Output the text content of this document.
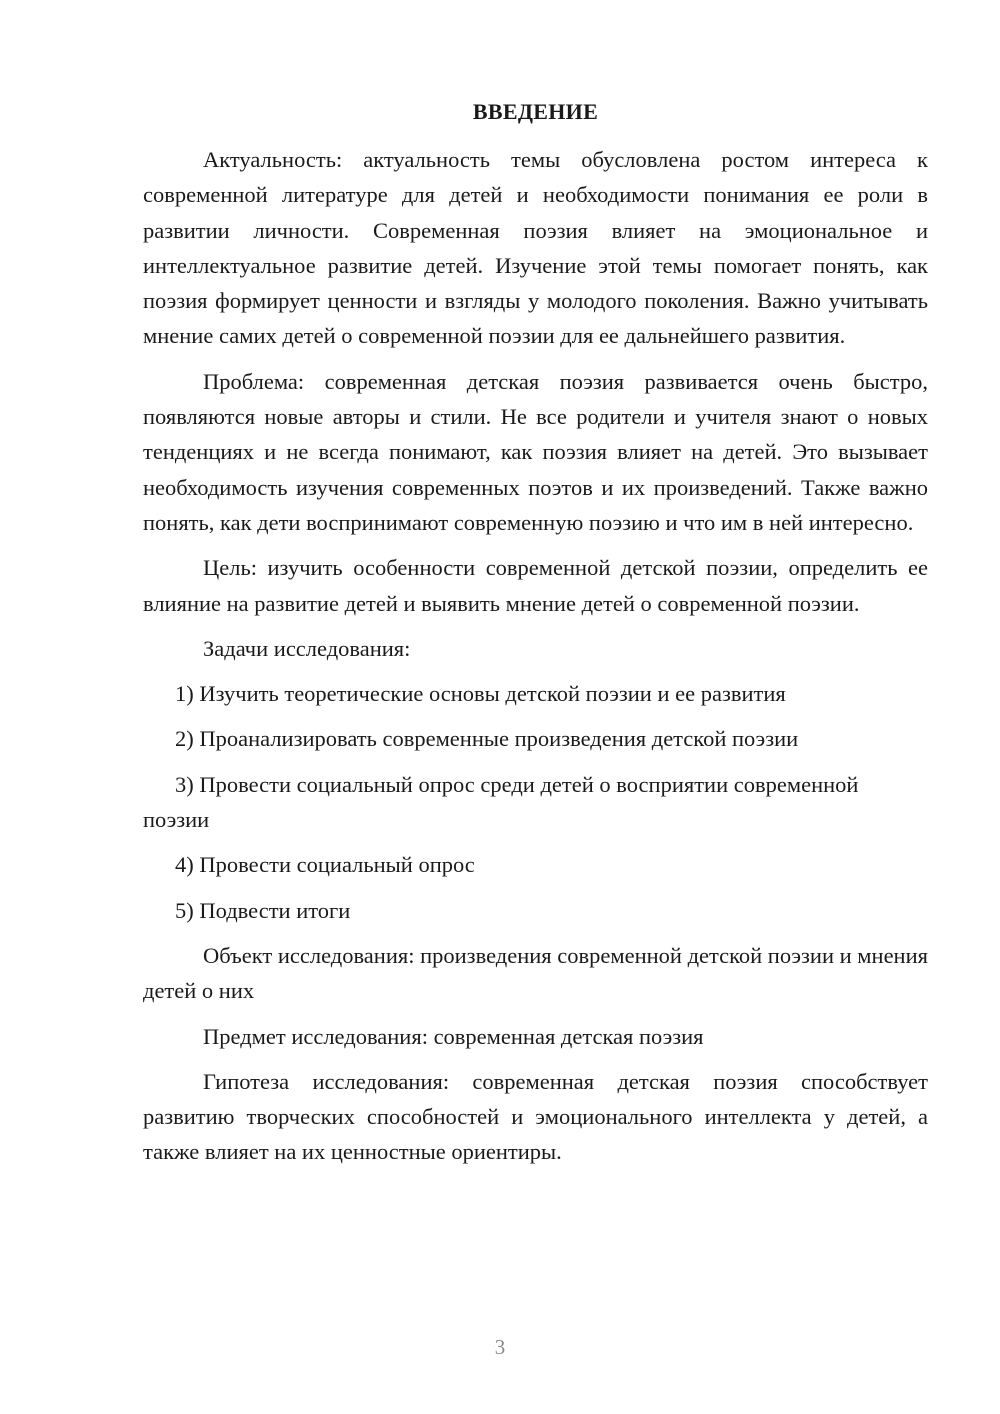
ВВЕДЕНИЕ

Актуальность: актуальность темы обусловлена ростом интереса к современной литературе для детей и необходимости понимания ее роли в развитии личности. Современная поэзия влияет на эмоциональное и интеллектуальное развитие детей. Изучение этой темы помогает понять, как поэзия формирует ценности и взгляды у молодого поколения. Важно учитывать мнение самих детей о современной поэзии для ее дальнейшего развития.

Проблема: современная детская поэзия развивается очень быстро, появляются новые авторы и стили. Не все родители и учителя знают о новых тенденциях и не всегда понимают, как поэзия влияет на детей. Это вызывает необходимость изучения современных поэтов и их произведений. Также важно понять, как дети воспринимают современную поэзию и что им в ней интересно.

Цель: изучить особенности современной детской поэзии, определить ее влияние на развитие детей и выявить мнение детей о современной поэзии.

Задачи исследования:

1) Изучить теоретические основы детской поэзии и ее развития

2) Проанализировать современные произведения детской поэзии

3) Провести социальный опрос среди детей о восприятии современной поэзии

4) Провести социальный опрос

5) Подвести итоги

Объект исследования: произведения современной детской поэзии и мнения детей о них

Предмет исследования: современная детская поэзия

Гипотеза исследования: современная детская поэзия способствует развитию творческих способностей и эмоционального интеллекта у детей, а также влияет на их ценностные ориентиры.

3
